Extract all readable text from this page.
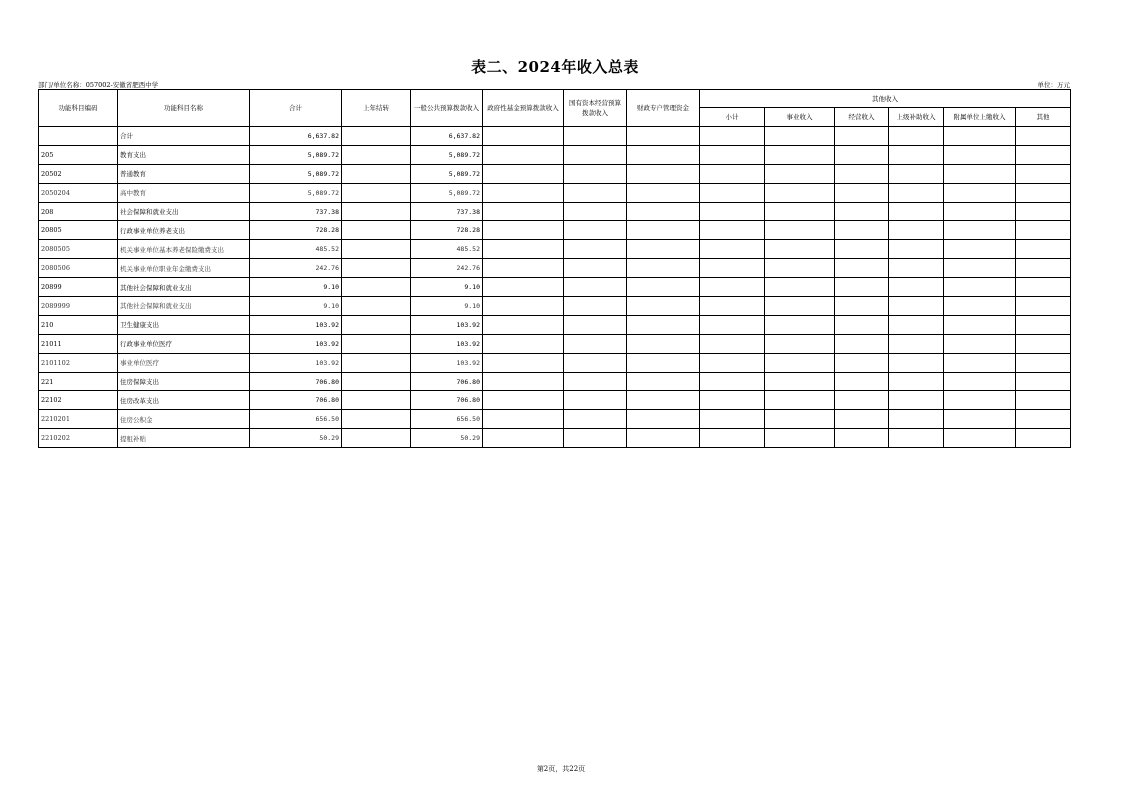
表二、2024年收入总表
部门/单位名称：057002-安徽省肥西中学	单位：万元
功能科目编码	功能科目名称	合计	上年结转	一般公共预算拨款收入	政府性基金预算拨款收入	国有资本经营预算拨款收入	财政专户管理资金	其他收入					
								小计	事业收入	经营收入	上级补助收入	附属单位上缴收入	其他
	合计	6,637.82		6,637.82									
205	教育支出	5,089.72		5,089.72									
20502	普通教育	5,089.72		5,089.72									
2050204	高中教育	5,089.72		5,089.72									
208	社会保障和就业支出	737.38		737.38									
20805	行政事业单位养老支出	728.28		728.28									
2080505	机关事业单位基本养老保险缴费支出	485.52		485.52									
2080506	机关事业单位职业年金缴费支出	242.76		242.76									
20899	其他社会保障和就业支出	9.10		9.10									
2089999	其他社会保障和就业支出	9.10		9.10									
210	卫生健康支出	103.92		103.92									
21011	行政事业单位医疗	103.92		103.92									
2101102	事业单位医疗	103.92		103.92									
221	住房保障支出	706.80		706.80									
22102	住房改革支出	706.80		706.80									
2210201	住房公积金	656.50		656.50									
2210202	提租补贴	50.29		50.29									
第2页，共22页
